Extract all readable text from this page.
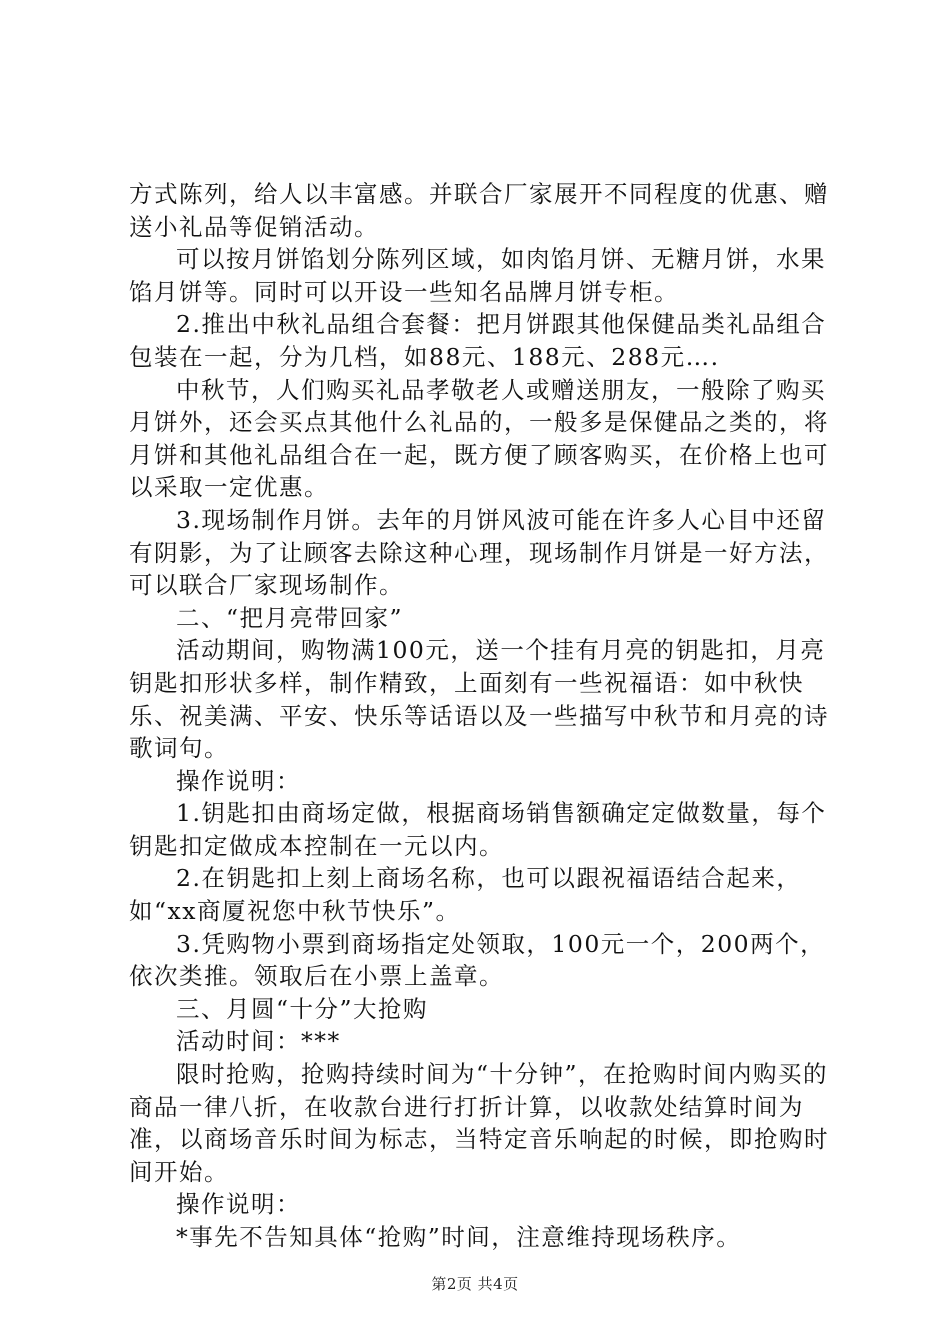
方式陈列，给人以丰富感。并联合厂家展开不同程度的优惠、赠送小礼品等促销活动。

可以按月饼馅划分陈列区域，如肉馅月饼、无糖月饼，水果馅月饼等。同时可以开设一些知名品牌月饼专柜。

2.推出中秋礼品组合套餐：把月饼跟其他保健品类礼品组合包装在一起，分为几档，如88元、188元、288元….

中秋节，人们购买礼品孝敬老人或赠送朋友，一般除了购买月饼外，还会买点其他什么礼品的，一般多是保健品之类的，将月饼和其他礼品组合在一起，既方便了顾客购买，在价格上也可以采取一定优惠。

3.现场制作月饼。去年的月饼风波可能在许多人心目中还留有阴影，为了让顾客去除这种心理，现场制作月饼是一好方法，可以联合厂家现场制作。

二、“把月亮带回家”

活动期间，购物满100元，送一个挂有月亮的钥匙扣，月亮钥匙扣形状多样，制作精致，上面刻有一些祝福语：如中秋快乐、祝美满、平安、快乐等话语以及一些描写中秋节和月亮的诗歌词句。

操作说明：

1.钥匙扣由商场定做，根据商场销售额确定定做数量，每个钥匙扣定做成本控制在一元以内。

2.在钥匙扣上刻上商场名称，也可以跟祝福语结合起来，如“xx商厦祝您中秋节快乐”。

3.凭购物小票到商场指定处领取，100元一个，200两个，依次类推。领取后在小票上盖章。

三、月圆“十分”大抢购

活动时间：***

限时抢购，抢购持续时间为“十分钟”，在抢购时间内购买的商品一律八折，在收款台进行打折计算，以收款处结算时间为准，以商场音乐时间为标志，当特定音乐响起的时候，即抢购时间开始。

操作说明：

*事先不告知具体“抢购”时间，注意维持现场秩序。

第2页 共4页
